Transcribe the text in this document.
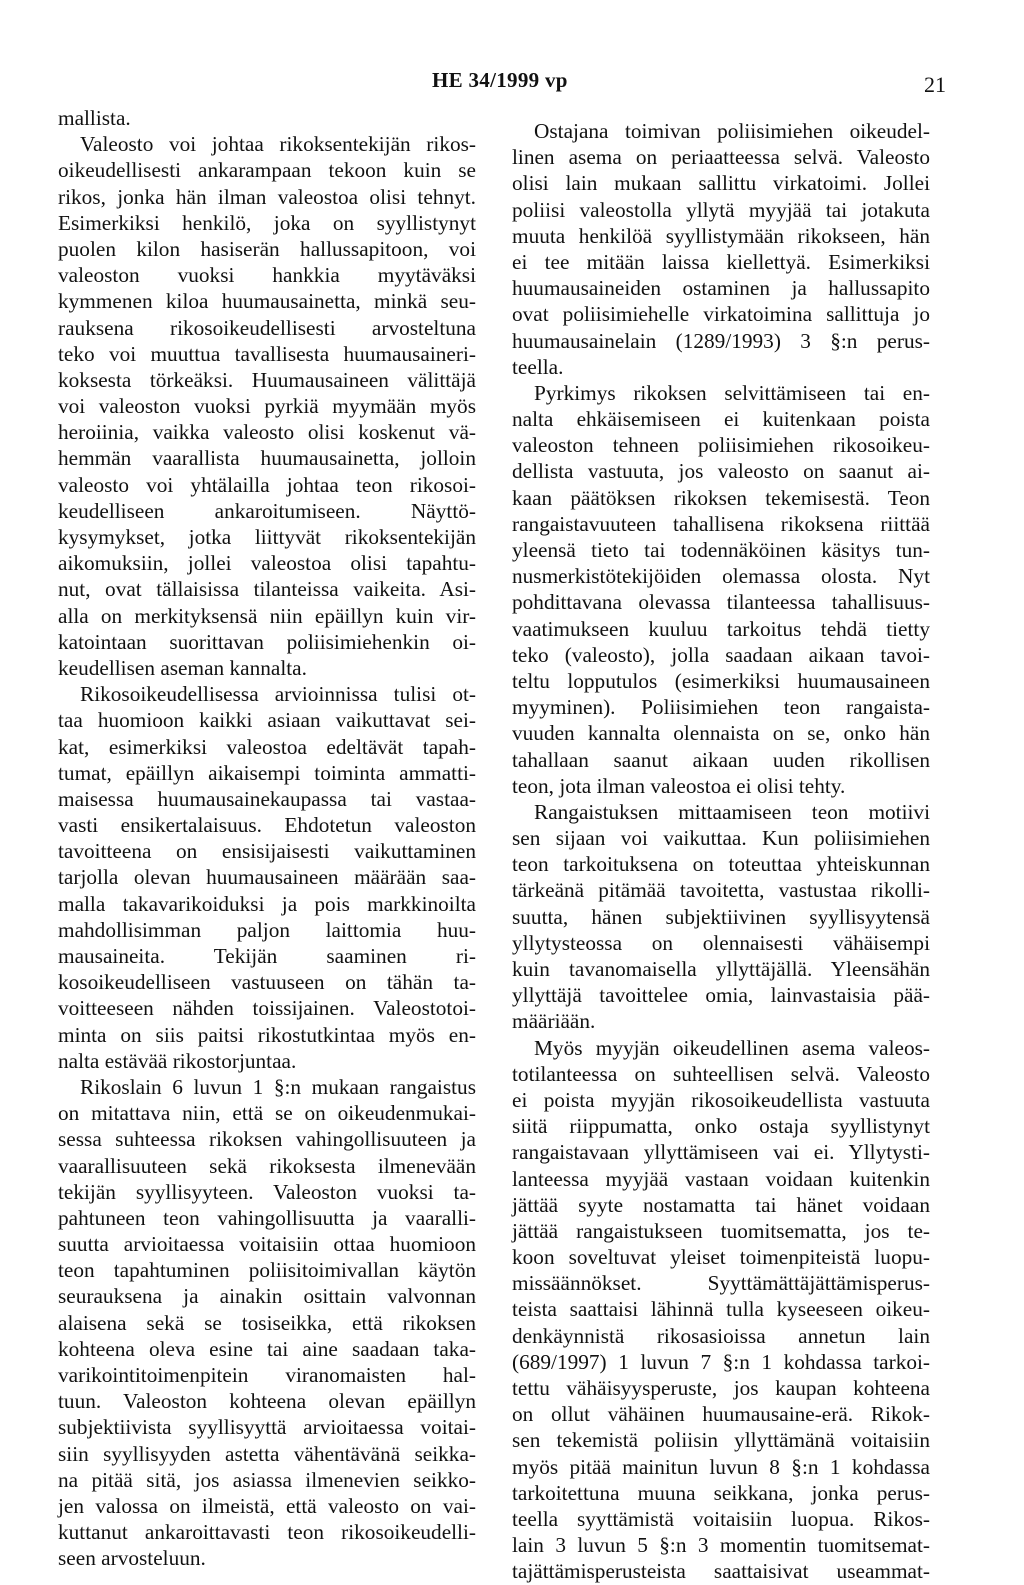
HE 34/1999 vp	21
mallista.
Valeosto voi johtaa rikoksentekijän rikos-
oikeudellisesti ankarampaan tekoon kuin se
rikos, jonka hän ilman valeostoa olisi tehnyt.
Esimerkiksi henkilö, joka on syyllistynyt
puolen kilon hasiserän hallussapitoon, voi
valeoston vuoksi hankkia myytäväksi
kymmenen kiloa huumausainetta, minkä seu-
rauksena rikosoikeudellisesti arvosteltuna
teko voi muuttua tavallisesta huumausaineri-
koksesta törkeäksi. Huumausaineen välittäjä
voi valeoston vuoksi pyrkiä myymään myös
heroiinia, vaikka valeosto olisi koskenut vä-
hemmän vaarallista huumausainetta, jolloin
valeosto voi yhtälailla johtaa teon rikosoi-
keudelliseen ankaroitumiseen. Näyttö-
kysymykset, jotka liittyvät rikoksentekijän
aikomuksiin, jollei valeostoa olisi tapahtu-
nut, ovat tällaisissa tilanteissa vaikeita. Asi-
alla on merkityksensä niin epäillyn kuin vir-
katointaan suorittavan poliisimiehenkin oi-
keudellisen aseman kannalta.
Rikosoikeudellisessa arvioinnissa tulisi ot-
taa huomioon kaikki asiaan vaikuttavat sei-
kat, esimerkiksi valeostoa edeltävät tapah-
tumat, epäillyn aikaisempi toiminta ammatti-
maisessa huumausainekaupassa tai vastaa-
vasti ensikertalaisuus. Ehdotetun valeoston
tavoitteena on ensisijaisesti vaikuttaminen
tarjolla olevan huumausaineen määrään saa-
malla takavarikoiduksi ja pois markkinoilta
mahdollisimman paljon laittomia huu-
mausaineita. Tekijän saaminen ri-
kosoikeudelliseen vastuuseen on tähän ta-
voitteeseen nähden toissijainen. Valeostotoi-
minta on siis paitsi rikostutkintaa myös en-
nalta estävää rikostorjuntaa.
Rikoslain 6 luvun 1 §:n mukaan rangaistus
on mitattava niin, että se on oikeudenmukai-
sessa suhteessa rikoksen vahingollisuuteen ja
vaarallisuuteen sekä rikoksesta ilmenevään
tekijän syyllisyyteen. Valeoston vuoksi ta-
pahtuneen teon vahingollisuutta ja vaaralli-
suutta arvioitaessa voitaisiin ottaa huomioon
teon tapahtuminen poliisitoimivallan käytön
seurauksena ja ainakin osittain valvonnan
alaisena sekä se tosiseikka, että rikoksen
kohteena oleva esine tai aine saadaan taka-
varikointitoimenpitein viranomaisten hal-
tuun. Valeoston kohteena olevan epäillyn
subjektiivista syyllisyyttä arvioitaessa voitai-
siin syyllisyyden astetta vähentävänä seikka-
na pitää sitä, jos asiassa ilmenevien seikko-
jen valossa on ilmeistä, että valeosto on vai-
kuttanut ankaroittavasti teon rikosoikeudelli-
seen arvosteluun.
Ostajana toimivan poliisimiehen oikeudel-
linen asema on periaatteessa selvä. Valeosto
olisi lain mukaan sallittu virkatoimi. Jollei
poliisi valeostolla yllytä myyjää tai jotakuta
muuta henkilöä syyllistymään rikokseen, hän
ei tee mitään laissa kiellettyä. Esimerkiksi
huumausaineiden ostaminen ja hallussapito
ovat poliisimiehelle virkatoimina sallittuja jo
huumausainelain (1289/1993) 3 §:n perus-
teella.
Pyrkimys rikoksen selvittämiseen tai en-
nalta ehkäisemiseen ei kuitenkaan poista
valeoston tehneen poliisimiehen rikosoikeu-
dellista vastuuta, jos valeosto on saanut ai-
kaan päätöksen rikoksen tekemisestä. Teon
rangaistavuuteen tahallisena rikoksena riittää
yleensä tieto tai todennäköinen käsitys tun-
nusmerkistötekijöiden olemassa olosta. Nyt
pohdittavana olevassa tilanteessa tahallisuus-
vaatimukseen kuuluu tarkoitus tehdä tietty
teko (valeosto), jolla saadaan aikaan tavoi-
teltu lopputulos (esimerkiksi huumausaineen
myyminen). Poliisimiehen teon rangaista-
vuuden kannalta olennaista on se, onko hän
tahallaan saanut aikaan uuden rikollisen
teon, jota ilman valeostoa ei olisi tehty.
Rangaistuksen mittaamiseen teon motiivi
sen sijaan voi vaikuttaa. Kun poliisimiehen
teon tarkoituksena on toteuttaa yhteiskunnan
tärkeänä pitämää tavoitetta, vastustaa rikolli-
suutta, hänen subjektiivinen syyllisyytensä
yllytysteossa on olennaisesti vähäisempi
kuin tavanomaisella yllyttäjällä. Yleensähän
yllyttäjä tavoittelee omia, lainvastaisia pää-
määriään.
Myös myyjän oikeudellinen asema valeos-
totilanteessa on suhteellisen selvä. Valeosto
ei poista myyjän rikosoikeudellista vastuuta
siitä riippumatta, onko ostaja syyllistynyt
rangaistavaan yllyttämiseen vai ei. Yllytysti-
lanteessa myyjää vastaan voidaan kuitenkin
jättää syyte nostamatta tai hänet voidaan
jättää rangaistukseen tuomitsematta, jos te-
koon soveltuvat yleiset toimenpiteistä luopu-
missäännökset. Syyttämättäjättämisperus-
teista saattaisi lähinnä tulla kyseeseen oikeu-
denkäynnistä rikosasioissa annetun lain
(689/1997) 1 luvun 7 §:n 1 kohdassa tarkoi-
tettu vähäisyysperuste, jos kaupan kohteena
on ollut vähäinen huumausaine-erä. Rikok-
sen tekemistä poliisin yllyttämänä voitaisiin
myös pitää mainitun luvun 8 §:n 1 kohdassa
tarkoitettuna muuna seikkana, jonka perus-
teella syyttämistä voitaisiin luopua. Rikos-
lain 3 luvun 5 §:n 3 momentin tuomitsemat-
tajättämisperusteista saattaisivat useammat-
